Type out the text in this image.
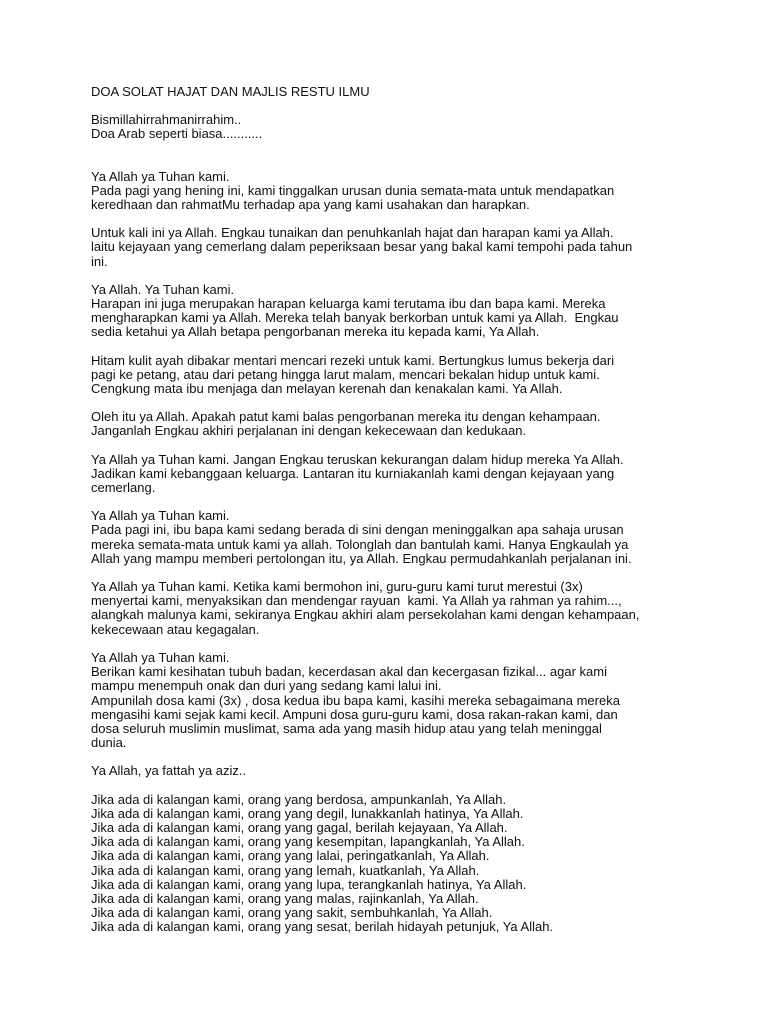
DOA SOLAT HAJAT DAN MAJLIS RESTU ILMU

Bismillahirrahmanirrahim..

Doa Arab seperti biasa...........

Ya Allah ya Tuhan kami.

Pada pagi yang hening ini, kami tinggalkan urusan dunia semata-mata untuk mendapatkan

keredhaan dan rahmatMu terhadap apa yang kami usahakan dan harapkan.

Untuk kali ini ya Allah. Engkau tunaikan dan penuhkanlah hajat dan harapan kami ya Allah.

laitu kejayaan yang cemerlang dalam peperiksaan besar yang bakal kami tempohi pada tahun

ini.

Ya Allah. Ya Tuhan kami.

Harapan ini juga merupakan harapan keluarga kami terutama ibu dan bapa kami. Mereka

mengharapkan kami ya Allah. Mereka telah banyak berkorban untuk kami ya Allah.  Engkau

sedia ketahui ya Allah betapa pengorbanan mereka itu kepada kami, Ya Allah.

Hitam kulit ayah dibakar mentari mencari rezeki untuk kami. Bertungkus lumus bekerja dari

pagi ke petang, atau dari petang hingga larut malam, mencari bekalan hidup untuk kami.

Cengkung mata ibu menjaga dan melayan kerenah dan kenakalan kami. Ya Allah.

Oleh itu ya Allah. Apakah patut kami balas pengorbanan mereka itu dengan kehampaan.

Janganlah Engkau akhiri perjalanan ini dengan kekecewaan dan kedukaan.

Ya Allah ya Tuhan kami. Jangan Engkau teruskan kekurangan dalam hidup mereka Ya Allah.

Jadikan kami kebanggaan keluarga. Lantaran itu kurniakanlah kami dengan kejayaan yang

cemerlang.

Ya Allah ya Tuhan kami.

Pada pagi ini, ibu bapa kami sedang berada di sini dengan meninggalkan apa sahaja urusan

mereka semata-mata untuk kami ya allah. Tolonglah dan bantulah kami. Hanya Engkaulah ya

Allah yang mampu memberi pertolongan itu, ya Allah. Engkau permudahkanlah perjalanan ini.

Ya Allah ya Tuhan kami. Ketika kami bermohon ini, guru-guru kami turut merestui (3x)

menyertai kami, menyaksikan dan mendengar rayuan  kami. Ya Allah ya rahman ya rahim...,

alangkah malunya kami, sekiranya Engkau akhiri alam persekolahan kami dengan kehampaan,

kekecewaan atau kegagalan.

Ya Allah ya Tuhan kami.

Berikan kami kesihatan tubuh badan, kecerdasan akal dan kecergasan fizikal... agar kami

mampu menempuh onak dan duri yang sedang kami lalui ini.

Ampunilah dosa kami (3x) , dosa kedua ibu bapa kami, kasihi mereka sebagaimana mereka

mengasihi kami sejak kami kecil. Ampuni dosa guru-guru kami, dosa rakan-rakan kami, dan

dosa seluruh muslimin muslimat, sama ada yang masih hidup atau yang telah meninggal

dunia.

Ya Allah, ya fattah ya aziz..

Jika ada di kalangan kami, orang yang berdosa, ampunkanlah, Ya Allah.

Jika ada di kalangan kami, orang yang degil, lunakkanlah hatinya, Ya Allah.

Jika ada di kalangan kami, orang yang gagal, berilah kejayaan, Ya Allah.

Jika ada di kalangan kami, orang yang kesempitan, lapangkanlah, Ya Allah.

Jika ada di kalangan kami, orang yang lalai, peringatkanlah, Ya Allah.

Jika ada di kalangan kami, orang yang lemah, kuatkanlah, Ya Allah.

Jika ada di kalangan kami, orang yang lupa, terangkanlah hatinya, Ya Allah.

Jika ada di kalangan kami, orang yang malas, rajinkanlah, Ya Allah.

Jika ada di kalangan kami, orang yang sakit, sembuhkanlah, Ya Allah.

Jika ada di kalangan kami, orang yang sesat, berilah hidayah petunjuk, Ya Allah.
